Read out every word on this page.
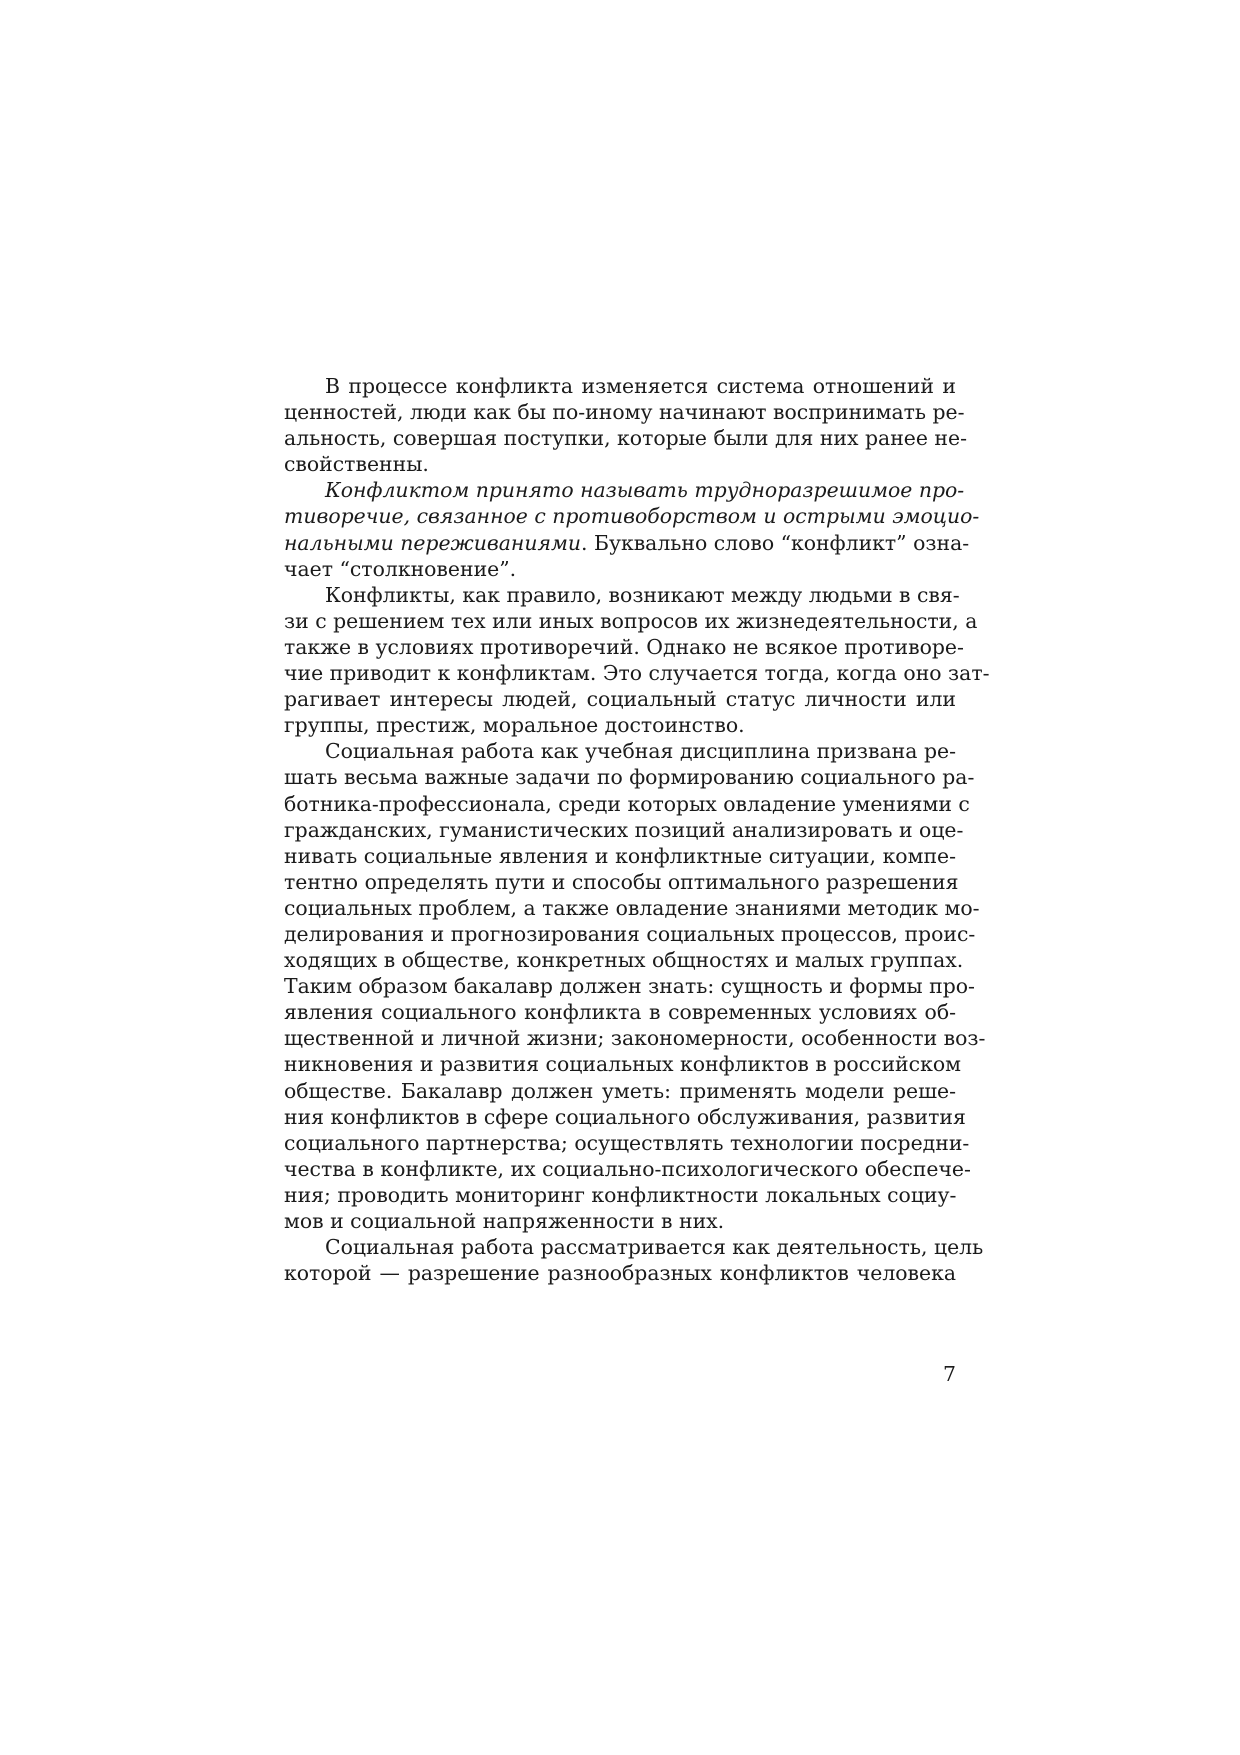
В процессе конфликта изменяется система отношений и
ценностей, люди как бы по-иному начинают воспринимать ре-
альность, совершая поступки, которые были для них ранее не-
свойственны.
Конфликтом принято называть трудноразрешимое про-
тиворечие, связанное с противоборством и острыми эмоцио-
нальными переживаниями. Буквально слово “конфликт” озна-
чает “столкновение”.
Конфликты, как правило, возникают между людьми в свя-
зи с решением тех или иных вопросов их жизнедеятельности, а
также в условиях противоречий. Однако не всякое противоре-
чие приводит к конфликтам. Это случается тогда, когда оно зат-
рагивает интересы людей, социальный статус личности или
группы, престиж, моральное достоинство.
Социальная работа как учебная дисциплина призвана ре-
шать весьма важные задачи по формированию социального ра-
ботника-профессионала, среди которых овладение умениями с
гражданских, гуманистических позиций анализировать и оце-
нивать социальные явления и конфликтные ситуации, компе-
тентно определять пути и способы оптимального разрешения
социальных проблем, а также овладение знаниями методик мо-
делирования и прогнозирования социальных процессов, проис-
ходящих в обществе, конкретных общностях и малых группах.
Таким образом бакалавр должен знать: сущность и формы про-
явления социального конфликта в современных условиях об-
щественной и личной жизни; закономерности, особенности воз-
никновения и развития социальных конфликтов в российском
обществе. Бакалавр должен уметь: применять модели реше-
ния конфликтов в сфере социального обслуживания, развития
социального партнерства; осуществлять технологии посредни-
чества в конфликте, их социально-психологического обеспече-
ния; проводить мониторинг конфликтности локальных социу-
мов и социальной напряженности в них.
Социальная работа рассматривается как деятельность, цель
которой — разрешение разнообразных конфликтов человека
7
